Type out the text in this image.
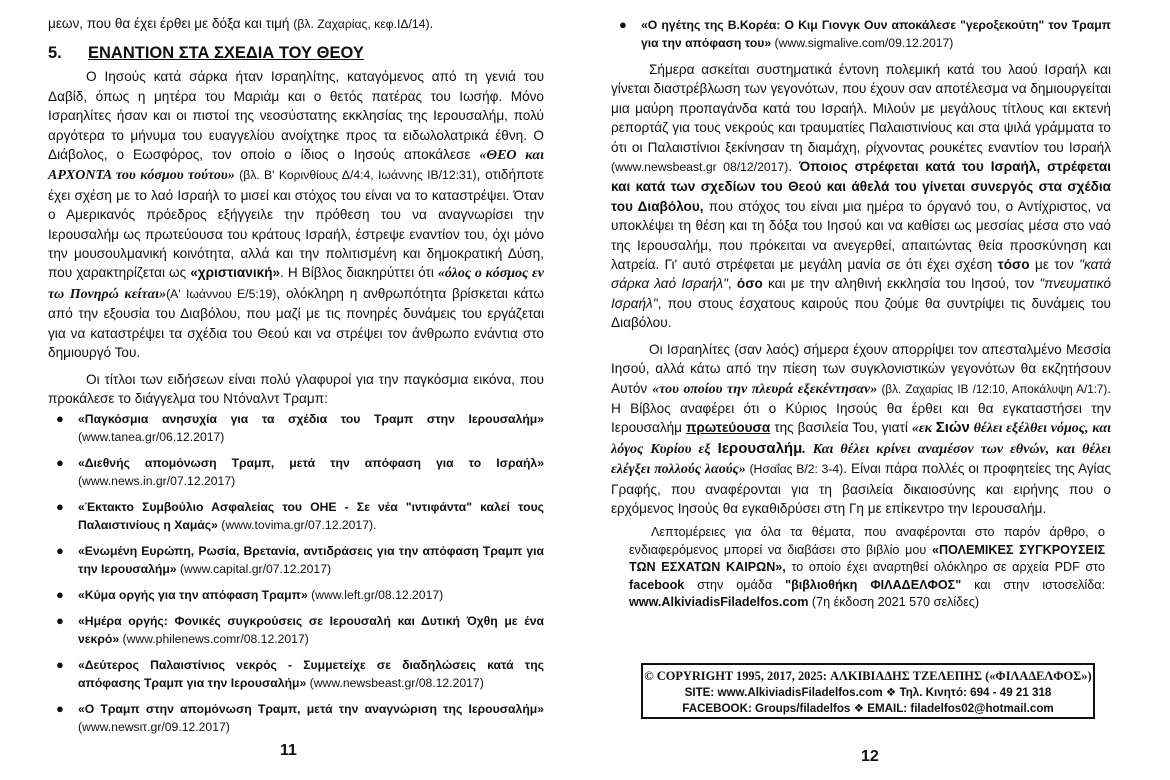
μεων, που θα έχει έρθει με δόξα και τιμή (βλ. Ζαχαρίας, κεφ.ΙΔ/14).

5.	ΕΝΑΝΤΙΟΝ ΣΤΑ ΣΧΕΔΙΑ ΤΟΥ ΘΕΟΥ

Ο Ιησούς κατά σάρκα ήταν Ισραηλίτης, καταγόμενος από τη γενιά του Δαβίδ, όπως η μητέρα του Μαριάμ και ο θετός πατέρας του Ιωσήφ. Μόνο Ισραηλίτες ήσαν και οι πιστοί της νεοσύστατης εκκλησίας της Ιερουσαλήμ, πολύ αργότερα το μήνυμα του ευαγγελίου ανοίχτηκε προς τα ειδωλολατρικά έθνη. Ο Διάβολος, ο Εωσφόρος, τον οποίο ο ίδιος ο Ιησούς αποκάλεσε «ΘΕΟ και ΑΡΧΟΝΤΑ του κόσμου τούτου» (βλ. Β' Κορινθίους Δ/4:4, Ιωάννης ΙΒ/12:31), οτιδήποτε έχει σχέση με το λαό Ισραήλ το μισεί και στόχος του είναι να το καταστρέψει. Όταν ο Αμερικανός πρόεδρος εξήγγειλε την πρόθεση του να αναγνωρίσει την Ιερουσαλήμ ως πρωτεύουσα του κράτους Ισραήλ, έστρεψε εναντίον του, όχι μόνο την μουσουλμανική κοινότητα, αλλά και την πολιτισμένη και δημοκρατική Δύση, που χαρακτηρίζεται ως «χριστιανική». Η Βίβλος διακηρύττει ότι «όλος ο κόσμος εν τω Πονηρώ κείται»(Α' Ιωάννου Ε/5:19), ολόκληρη η ανθρωπότητα βρίσκεται κάτω από την εξουσία του Διαβόλου, που μαζί με τις πονηρές δυνάμεις του εργάζεται για να καταστρέψει τα σχέδια του Θεού και να στρέψει τον άνθρωπο ενάντια στο δημιουργό Του.

Οι τίτλοι των ειδήσεων είναι πολύ γλαφυροί για την παγκόσμια εικόνα, που προκάλεσε το διάγγελμα του Ντόναλντ Τραμπ:

● «Παγκόσμια ανησυχία για τα σχέδια του Τραμπ στην Ιερουσαλήμ» (www.tanea.gr/06.12.2017)
● «Διεθνής απομόνωση Τραμπ, μετά την απόφαση για το Ισραήλ» (www.news.in.gr/07.12.2017)
● «Έκτακτο Συμβούλιο Ασφαλείας του ΟΗΕ - Σε νέα "ιντιφάντα" καλεί τους Παλαιστινίους η Χαμάς» (www.tovima.gr/07.12.2017).
● «Ενωμένη Ευρώπη, Ρωσία, Βρετανία, αντιδράσεις για την απόφαση Τραμπ για την Ιερουσαλήμ» (www.capital.gr/07.12.2017)
● «Κύμα οργής για την απόφαση Τραμπ» (www.left.gr/08.12.2017)
● «Ημέρα οργής: Φονικές συγκρούσεις σε Ιερουσαλή και Δυτική Όχθη με ένα νεκρό» (www.philenews.comr/08.12.2017)
● «Δεύτερος Παλαιστίνιος νεκρός - Συμμετείχε σε διαδηλώσεις κατά της απόφασης Τραμπ για την Ιερουσαλήμ» (www.newsbeast.gr/08.12.2017)
● «Ο Τραμπ στην απομόνωση Τραμπ, μετά την αναγνώριση της Ιερουσαλήμ» (www.newsιτ.gr/09.12.2017)
11
● «Ο ηγέτης της Β.Κορέα: Ο Κιμ Γιονγκ Ουν αποκάλεσε "γεροξεκούτη" τον Τραμπ για την απόφαση του» (www.sigmalive.com/09.12.2017)

Σήμερα ασκείται συστηματικά έντονη πολεμική κατά του λαού Ισραήλ και γίνεται διαστρέβλωση των γεγονότων, που έχουν σαν αποτέλεσμα να δημιουργείται μια μαύρη προπαγάνδα κατά του Ισραήλ. Μιλούν με μεγάλους τίτλους και εκτενή ρεπορτάζ για τους νεκρούς και τραυματίες Παλαιστινίους και στα ψιλά γράμματα το ότι οι Παλαιστίνιοι ξεκίνησαν τη διαμάχη, ρίχνοντας ρουκέτες εναντίον του Ισραήλ (www.newsbeast.gr 08/12/2017). Όποιος στρέφεται κατά του Ισραήλ, στρέφεται και κατά των σχεδίων του Θεού και άθελά του γίνεται συνεργός στα σχέδια του Διαβόλου, που στόχος του είναι μια ημέρα το όργανό του, ο Αντίχριστος, να υποκλέψει τη θέση και τη δόξα του Ιησού και να καθίσει ως μεσσίας μέσα στο ναό της Ιερουσαλήμ, που πρόκειται να ανεγερθεί, απαιτώντας θεία προσκύνηση και λατρεία. Γι' αυτό στρέφεται με μεγάλη μανία σε ότι έχει σχέση τόσο με τον "κατά σάρκα λαό Ισραήλ", όσο και με την αληθινή εκκλησία του Ιησού, τον "πνευματικό Ισραήλ", που στους έσχατους καιρούς που ζούμε θα συντρίψει τις δυνάμεις του Διαβόλου.

Οι Ισραηλίτες (σαν λαός) σήμερα έχουν απορρίψει τον απεσταλμένο Μεσσία Ιησού, αλλά κάτω από την πίεση των συγκλονιστικών γεγονότων θα εκζητήσουν Αυτόν «του οποίου την πλευρά εξεκέντησαν» (βλ. Ζαχαρίας ΙΒ /12:10, Αποκάλυψη Α/1:7). Η Βίβλος αναφέρει ότι ο Κύριος Ιησούς θα έρθει και θα εγκαταστήσει την Ιερουσαλήμ πρωτεύουσα της βασιλεία Του, γιατί «εκ Σιών θέλει εξέλθει νόμος, και λόγος Κυρίου εξ Ιερουσαλήμ. Και θέλει κρίνει αναμέσον των εθνών, και θέλει ελέγξει πολλούς λαούς» (Ησαΐας Β/2: 3-4). Είναι πάρα πολλές οι προφητείες της Αγίας Γραφής, που αναφέρονται για τη βασιλεία δικαιοσύνης και ειρήνης που ο ερχόμενος Ιησούς θα εγκαθιδρύσει στη Γη με επίκεντρο την Ιερουσαλήμ.

Λεπτομέρειες για όλα τα θέματα, που αναφέρονται στο παρόν άρθρο, ο ενδιαφερόμενος μπορεί να διαβάσει στο βιβλίο μου «ΠΟΛΕΜΙΚΕΣ ΣΥΓΚΡΟΥΣΕΙΣ ΤΩΝ ΕΣΧΑΤΩΝ ΚΑΙΡΩΝ», το οποίο έχει αναρτηθεί ολόκληρο σε αρχεία PDF στο facebook στην ομάδα "βιβλιοθήκη ΦΙΛΑΔΕΛΦΟΣ" και στην ιστοσελίδα: www.AlkiviadisFiladelfos.com (7η έκδοση 2021 570 σελίδες)

© COPYRIGHT 1995, 2017, 2025: ΑΛΚΙΒΙΑΔΗΣ ΤΖΕΛΕΠΗΣ («ΦΙΛΑΔΕΛΦΟΣ»)
SITE: www.AlkiviadisFiladelfos.com ❖ Τηλ. Κινητό: 694 - 49 21 318
FACEBOOK: Groups/filadelfos ❖ EMAIL: filadelfos02@hotmail.com
12
